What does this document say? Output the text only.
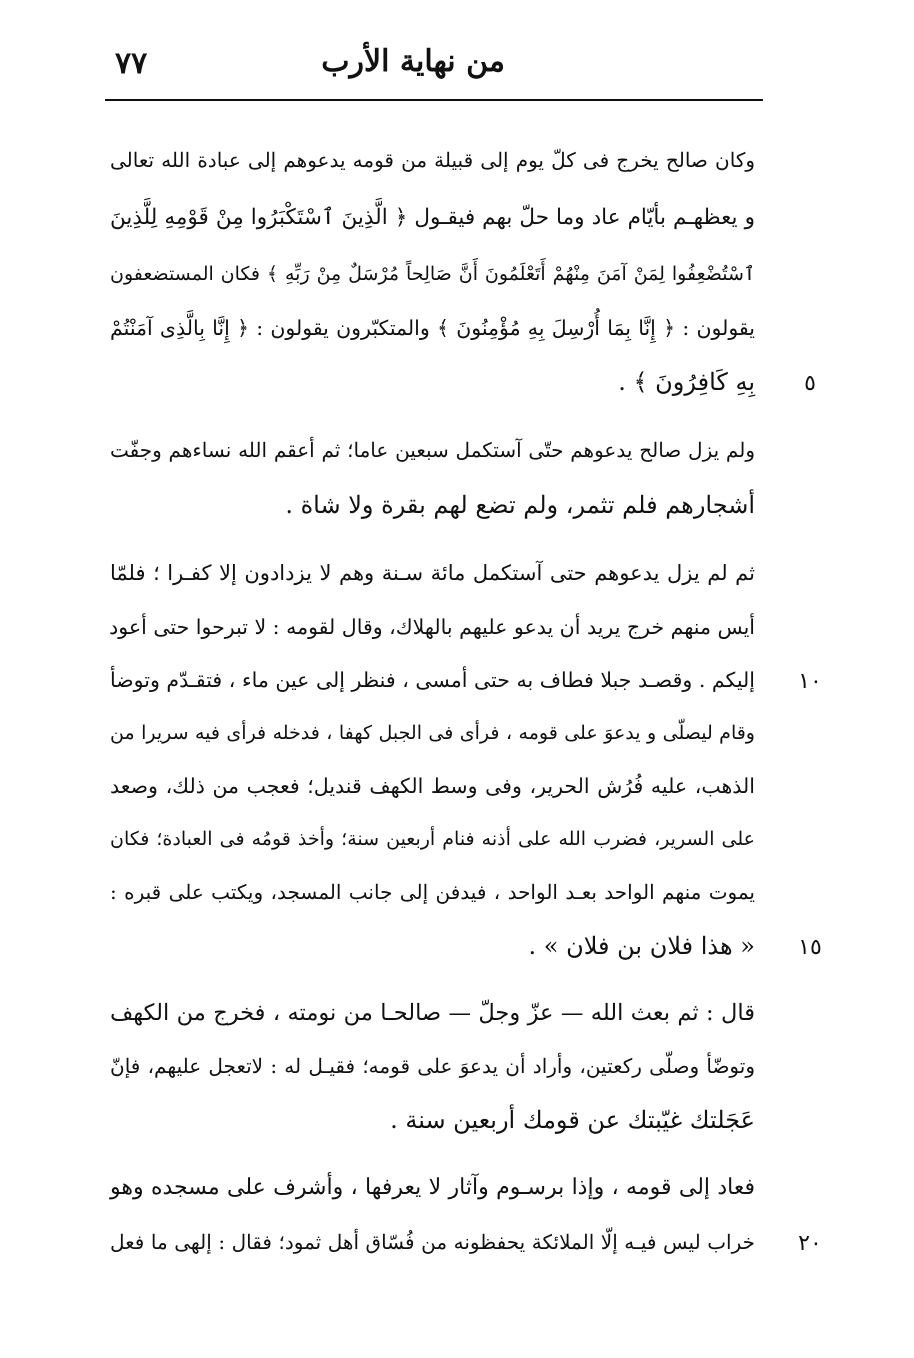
٧٧	من نهاية الأرب
وكان صالح يخرج فى كلّ يوم إلى قبيلة من قومه يدعوهم إلى عبادة الله تعالى
و يعظهـم بأيّام عاد وما حلّ بهم فيقـول ﴿ الَّذِينَ ٱسْتَكْبَرُوا مِنْ قَوْمِهِ لِلَّذِينَ
ٱسْتُضْعِفُوا لِمَنْ آمَنَ مِنْهُمْ أَتَعْلَمُونَ أَنَّ صَالِحاً مُرْسَلٌ مِنْ رَبِّهِ ﴾ فكان المستضعفون
يقولون : ﴿ إِنَّا بِمَا أُرْسِلَ بِهِ مُؤْمِنُونَ ﴾ والمتكبّرون يقولون : ﴿ إِنَّا بِالَّذِى آمَنْتُمْ
بِهِ كَافِرُونَ ﴾ .
ولم يزل صالح يدعوهم حتّى آستكمل سبعين عاما؛ ثم أعقم الله نساءهم وجفّت
أشجارهم فلم تثمر، ولم تضع لهم بقرة ولا شاة .
ثم لم يزل يدعوهم حتى آستكمل مائة سـنة وهم لا يزدادون إلا كفـرا ؛ فلمّا
أيس منهم خرج يريد أن يدعو عليهم بالهلاك، وقال لقومه : لا تبرحوا حتى أعود
إليكم . وقصـد جبلا فطاف به حتى أمسى ، فنظر إلى عين ماء ، فتقـدّم وتوضأ
وقام ليصلّى و يدعوَ على قومه ، فرأى فى الجبل كهفا ، فدخله فرأى فيه سريرا من
الذهب، عليه فُرُش الحرير، وفى وسط الكهف قنديل؛ فعجب من ذلك، وصعد
على السرير، فضرب الله على أذنه فنام أربعين سنة؛ وأخذ قومُه فى العبادة؛ فكان
يموت منهم الواحد بعـد الواحد ، فيدفن إلى جانب المسجد، ويكتب على قبره :
« هذا فلان بن فلان » .
قال : ثم بعث الله — عزّ وجلّ — صالحـا من نومته ، فخرج من الكهف
وتوضّأ وصلّى ركعتين، وأراد أن يدعوَ على قومه؛ فقيـل له : لاتعجل عليهم، فإنّ
عَجَلتك غيّبتك عن قومك أربعين سنة .
فعاد إلى قومه ، وإذا برسـوم وآثار لا يعرفها ، وأشرف على مسجده وهو
خراب ليس فيـه إلّا الملائكة يحفظونه من فُسّاق أهل ثمود؛ فقال : إلهى ما فعل
٥
١٠
١٥
٢٠
